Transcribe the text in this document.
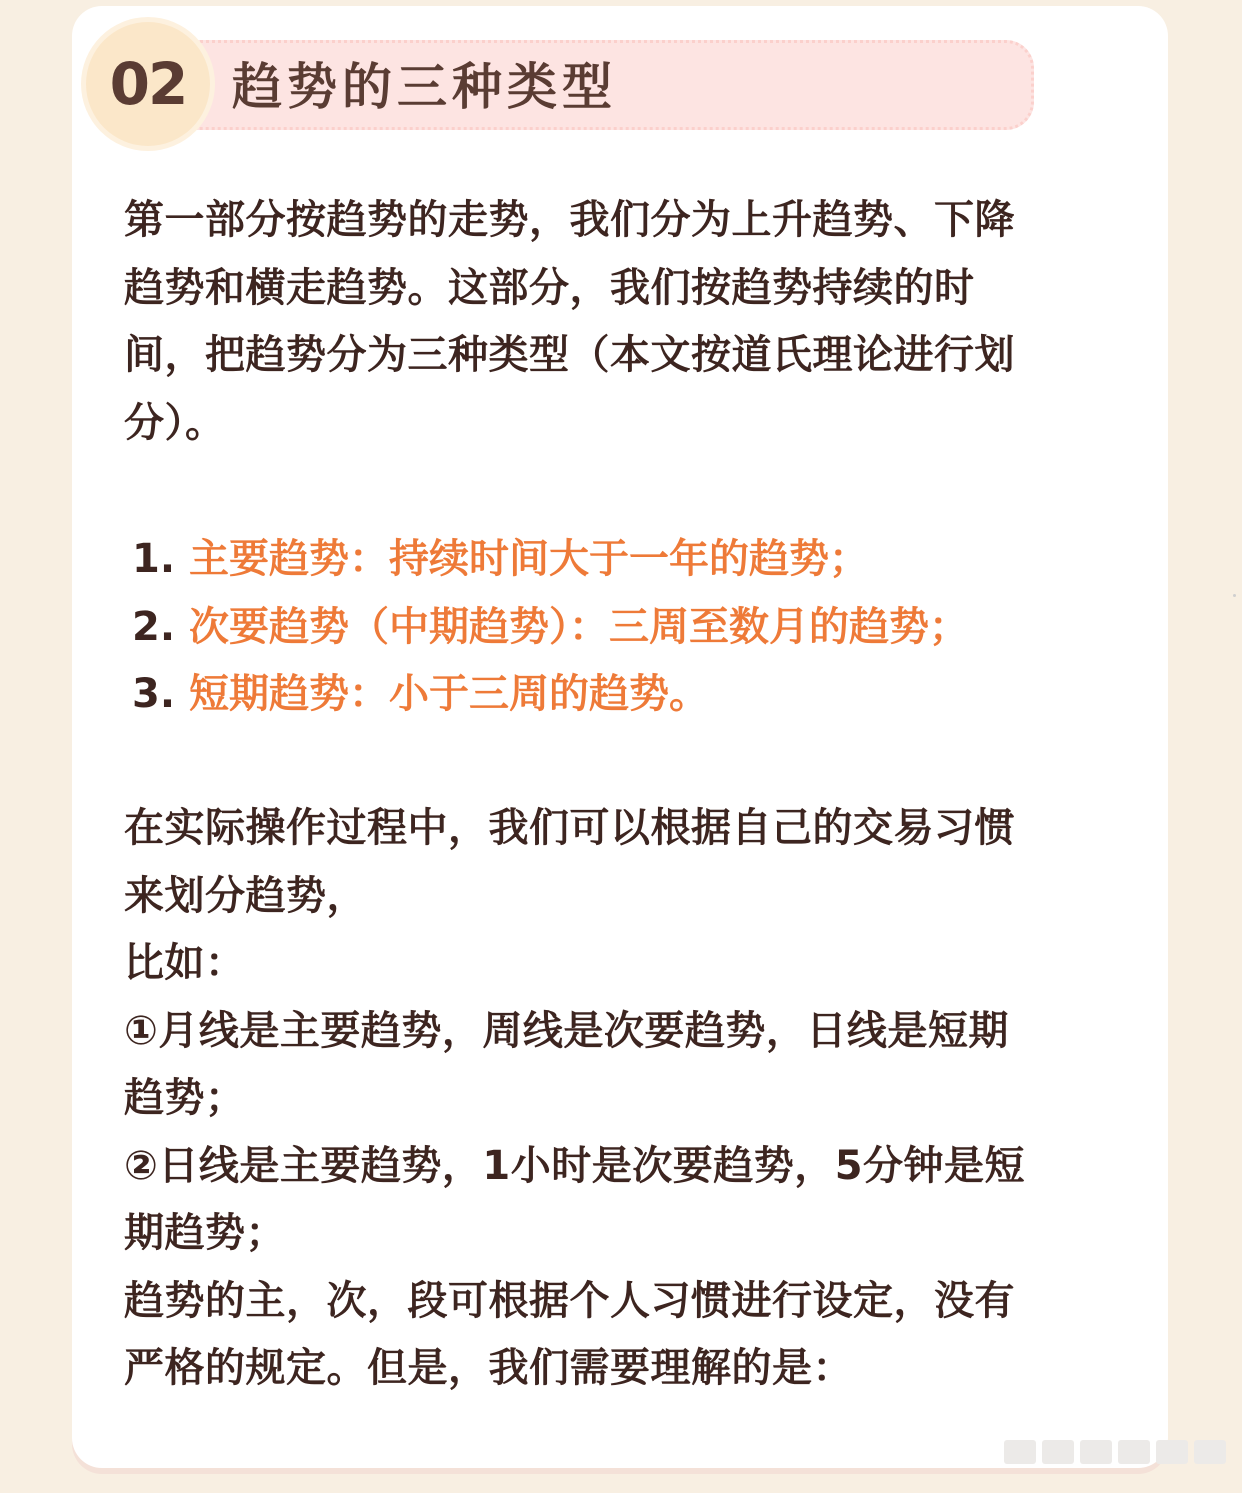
02 趋势的三种类型
第一部分按趋势的走势，我们分为上升趋势、下降
趋势和横走趋势。这部分，我们按趋势持续的时
间，把趋势分为三种类型（本文按道氏理论进行划
分）。
1. 主要趋势：持续时间大于一年的趋势；
2. 次要趋势（中期趋势）：三周至数月的趋势；
3. 短期趋势：小于三周的趋势。
在实际操作过程中，我们可以根据自己的交易习惯
来划分趋势，
比如：
①月线是主要趋势，周线是次要趋势，日线是短期
趋势；
②日线是主要趋势，1小时是次要趋势，5分钟是短
期趋势；
趋势的主，次，段可根据个人习惯进行设定，没有
严格的规定。但是，我们需要理解的是：
